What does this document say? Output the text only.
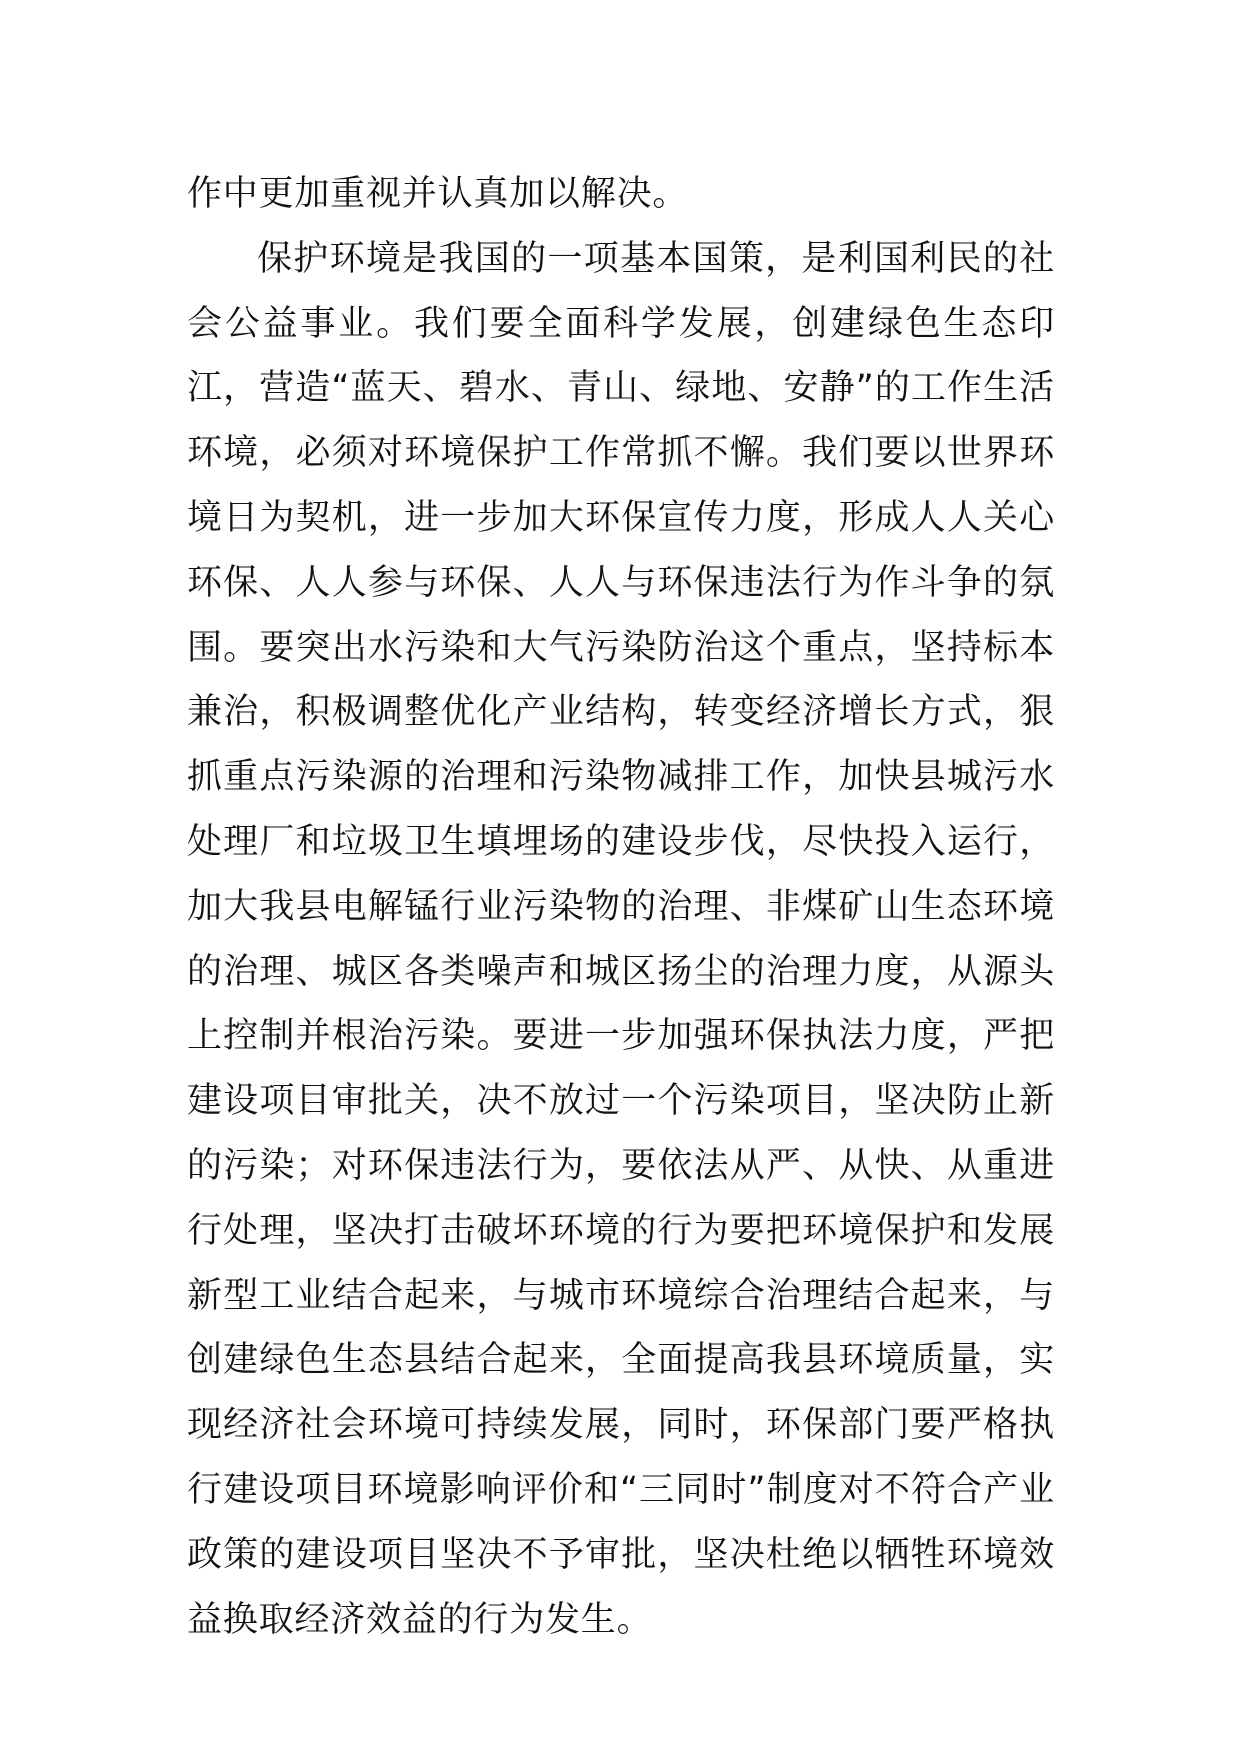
作中更加重视并认真加以解决。

保护环境是我国的一项基本国策，是利国利民的社会公益事业。我们要全面科学发展，创建绿色生态印江，营造“蓝天、碧水、青山、绿地、安静”的工作生活环境，必须对环境保护工作常抓不懈。我们要以世界环境日为契机，进一步加大环保宣传力度，形成人人关心环保、人人参与环保、人人与环保违法行为作斗争的氛围。要突出水污染和大气污染防治这个重点，坚持标本兼治，积极调整优化产业结构，转变经济增长方式，狠抓重点污染源的治理和污染物减排工作，加快县城污水处理厂和垃圾卫生填埋场的建设步伐，尽快投入运行，加大我县电解锰行业污染物的治理、非煤矿山生态环境的治理、城区各类噪声和城区扬尘的治理力度，从源头上控制并根治污染。要进一步加强环保执法力度，严把建设项目审批关，决不放过一个污染项目，坚决防止新的污染；对环保违法行为，要依法从严、从快、从重进行处理，坚决打击破坏环境的行为要把环境保护和发展新型工业结合起来，与城市环境综合治理结合起来，与创建绿色生态县结合起来，全面提高我县环境质量，实现经济社会环境可持续发展，同时，环保部门要严格执行建设项目环境影响评价和“三同时”制度对不符合产业政策的建设项目坚决不予审批，坚决杜绝以牺牲环境效益换取经济效益的行为发生。
